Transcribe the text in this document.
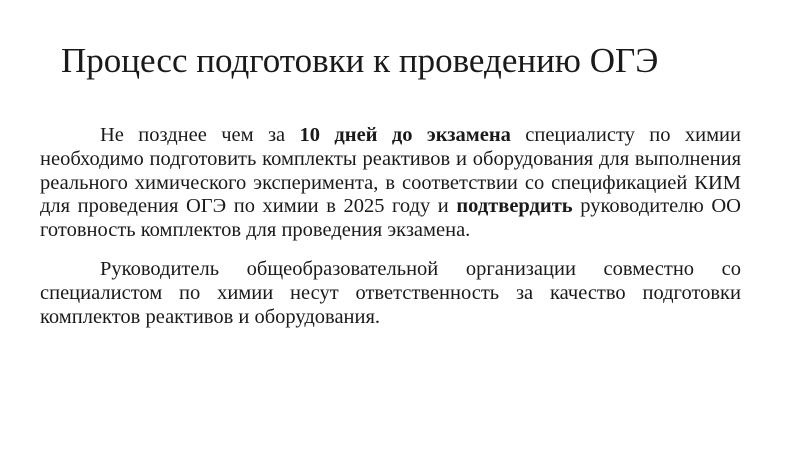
Процесс подготовки к проведению ОГЭ

Не позднее чем за 10 дней до экзамена специалисту по химии необходимо подготовить комплекты реактивов и оборудования для выполнения реального химического эксперимента, в соответствии со спецификацией КИМ для проведения ОГЭ по химии в 2025 году и подтвердить руководителю ОО готовность комплектов для проведения экзамена.

Руководитель общеобразовательной организации совместно со специалистом по химии несут ответственность за качество подготовки комплектов реактивов и оборудования.
